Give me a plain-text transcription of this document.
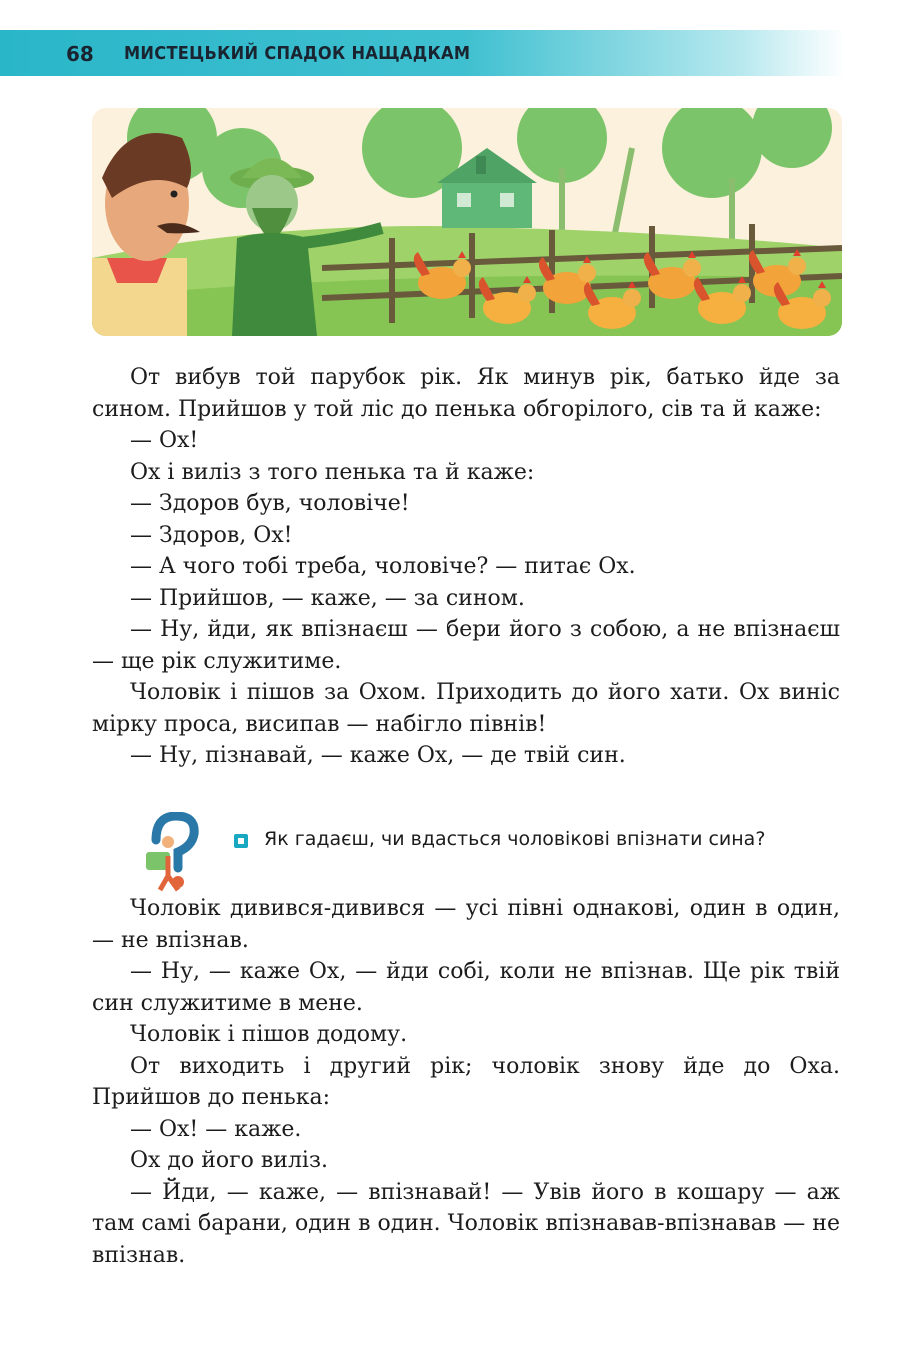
68 МИСТЕЦЬКИЙ СПАДОК НАЩАДКАМ

От вибув той парубок рік. Як минув рік, батько йде за сином. Прийшов у той ліс до пенька обгорілого, сів та й каже:

— Ох!

Ох і виліз з того пенька та й каже:

— Здоров був, чоловіче!

— Здоров, Ох!

— А чого тобі треба, чоловіче? — питає Ох.

— Прийшов, — каже, — за сином.

— Ну, йди, як впізнаєш — бери його з собою, а не впізнаєш — ще рік служитиме.

Чоловік і пішов за Охом. Приходить до його хати. Ох виніс мірку проса, висипав — набігло півнів!

— Ну, пізнавай, — каже Ох, — де твій син.

Як гадаєш, чи вдасться чоловікові впізнати сина?

Чоловік дивився-дивився — усі півні однакові, один в один, — не впізнав.

— Ну, — каже Ох, — йди собі, коли не впізнав. Ще рік твій син служитиме в мене.

Чоловік і пішов додому.

От виходить і другий рік; чоловік знову йде до Оха. Прийшов до пенька:

— Ох! — каже.

Ох до його виліз.

— Йди, — каже, — впізнавай! — Увів його в кошару — аж там самі барани, один в один. Чоловік впізнавав-впізнавав — не впізнав.
